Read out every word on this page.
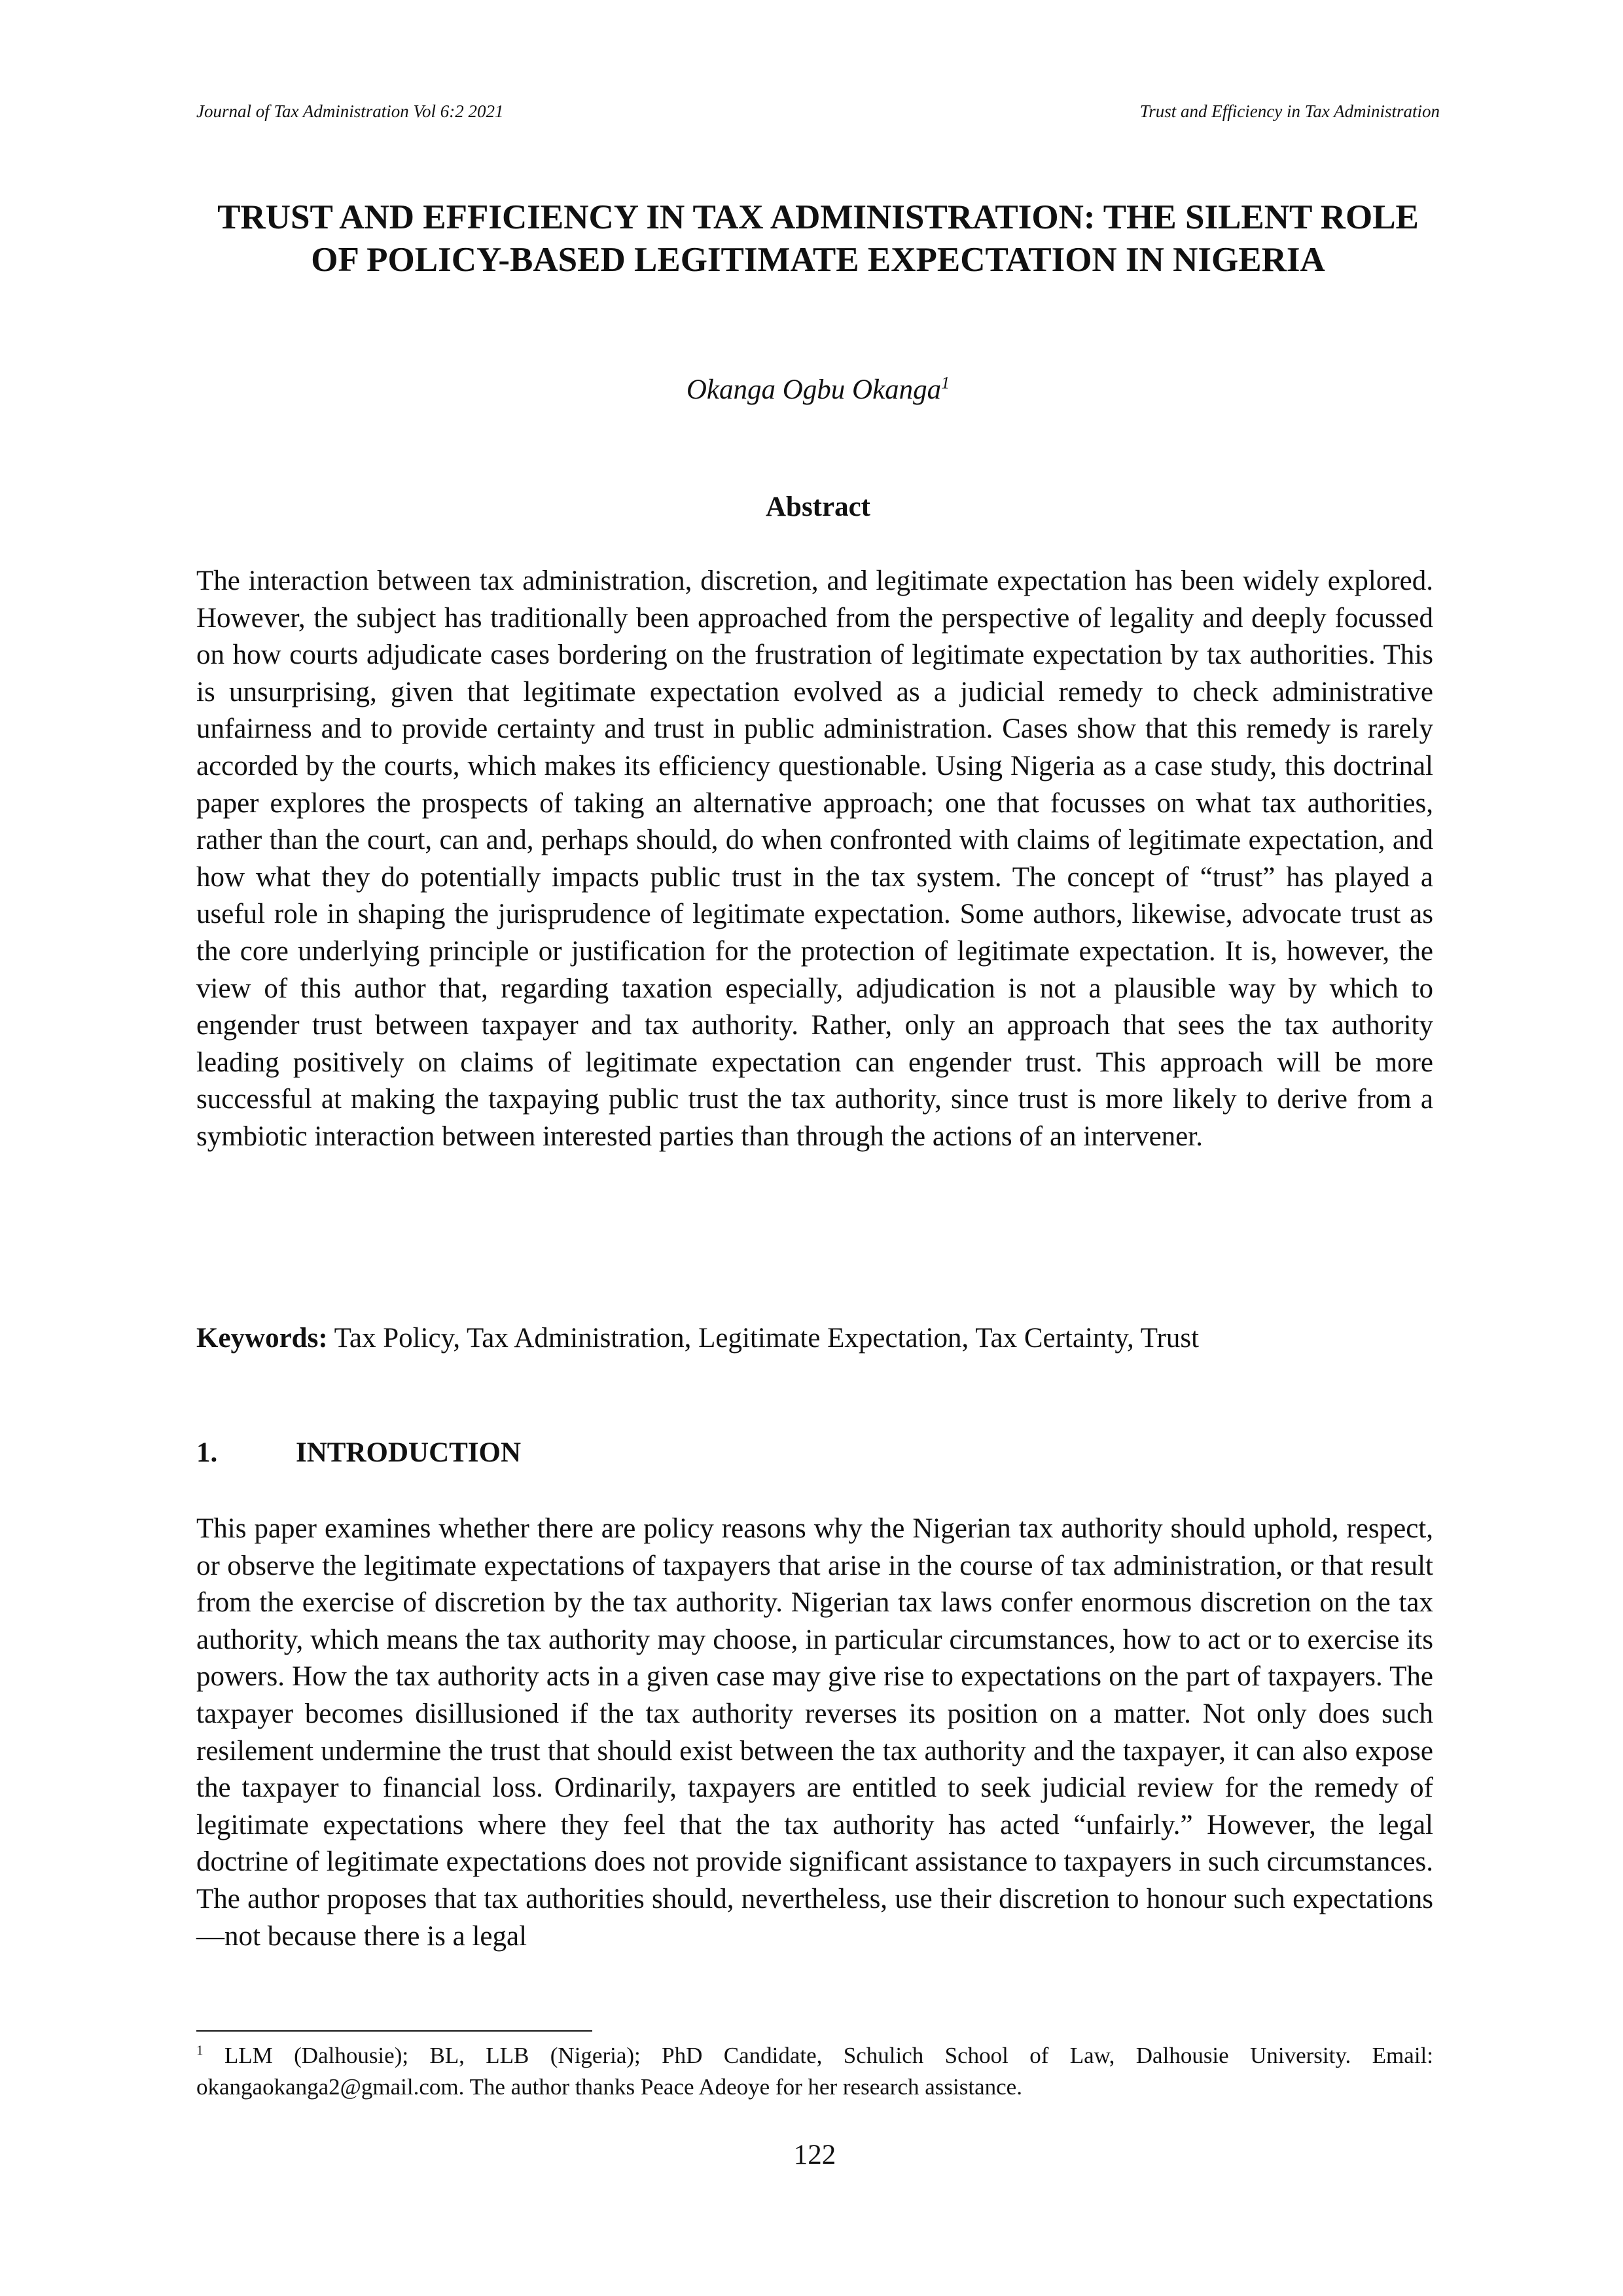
Journal of Tax Administration Vol 6:2 2021	Trust and Efficiency in Tax Administration
TRUST AND EFFICIENCY IN TAX ADMINISTRATION: THE SILENT ROLE OF POLICY-BASED LEGITIMATE EXPECTATION IN NIGERIA
Okanga Ogbu Okanga$^1$
Abstract

The interaction between tax administration, discretion, and legitimate expectation has been widely explored. However, the subject has traditionally been approached from the perspective of legality and deeply focussed on how courts adjudicate cases bordering on the frustration of legitimate expectation by tax authorities. This is unsurprising, given that legitimate expectation evolved as a judicial remedy to check administrative unfairness and to provide certainty and trust in public administration. Cases show that this remedy is rarely accorded by the courts, which makes its efficiency questionable. Using Nigeria as a case study, this doctrinal paper explores the prospects of taking an alternative approach; one that focusses on what tax authorities, rather than the court, can and, perhaps should, do when confronted with claims of legitimate expectation, and how what they do potentially impacts public trust in the tax system. The concept of “trust” has played a useful role in shaping the jurisprudence of legitimate expectation. Some authors, likewise, advocate trust as the core underlying principle or justification for the protection of legitimate expectation. It is, however, the view of this author that, regarding taxation especially, adjudication is not a plausible way by which to engender trust between taxpayer and tax authority. Rather, only an approach that sees the tax authority leading positively on claims of legitimate expectation can engender trust. This approach will be more successful at making the taxpaying public trust the tax authority, since trust is more likely to derive from a symbiotic interaction between interested parties than through the actions of an intervener.

Keywords: Tax Policy, Tax Administration, Legitimate Expectation, Tax Certainty, Trust

1.	INTRODUCTION

This paper examines whether there are policy reasons why the Nigerian tax authority should uphold, respect, or observe the legitimate expectations of taxpayers that arise in the course of tax administration, or that result from the exercise of discretion by the tax authority. Nigerian tax laws confer enormous discretion on the tax authority, which means the tax authority may choose, in particular circumstances, how to act or to exercise its powers. How the tax authority acts in a given case may give rise to expectations on the part of taxpayers. The taxpayer becomes disillusioned if the tax authority reverses its position on a matter. Not only does such resilement undermine the trust that should exist between the tax authority and the taxpayer, it can also expose the taxpayer to financial loss. Ordinarily, taxpayers are entitled to seek judicial review for the remedy of legitimate expectations where they feel that the tax authority has acted “unfairly.” However, the legal doctrine of legitimate expectations does not provide significant assistance to taxpayers in such circumstances. The author proposes that tax authorities should, nevertheless, use their discretion to honour such expectations—not because there is a legal

$^1$ LLM (Dalhousie); BL, LLB (Nigeria); PhD Candidate, Schulich School of Law, Dalhousie University. Email: okangaokanga2@gmail.com. The author thanks Peace Adeoye for her research assistance.

122
